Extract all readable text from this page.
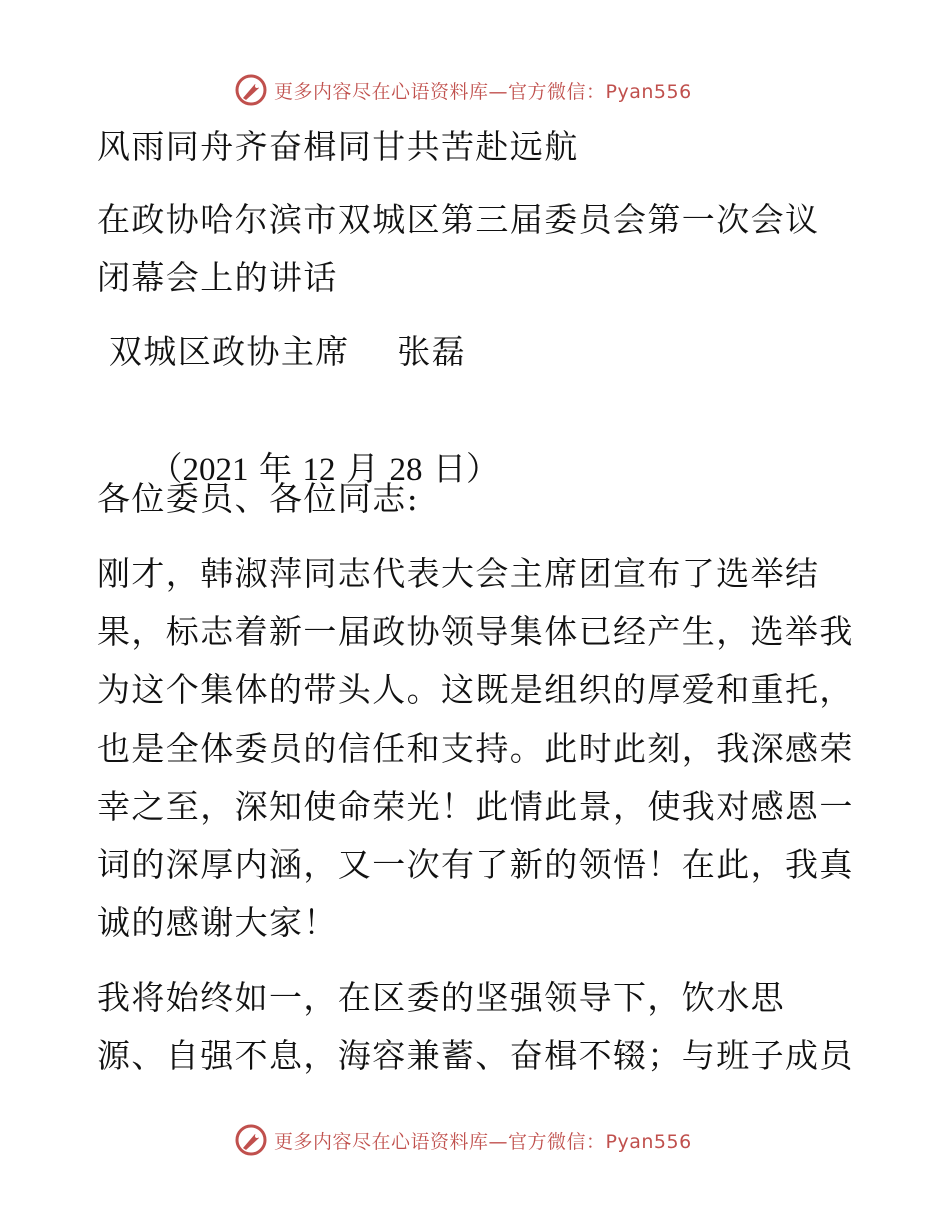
更多内容尽在心语资料库—官方微信：Pyan556
风雨同舟齐奋楫同甘共苦赴远航
在政协哈尔滨市双城区第三届委员会第一次会议
闭幕会上的讲话
双城区政协主席    张磊

（2021 年 12 月 28 日）

各位委员、各位同志:
刚才，韩淑萍同志代表大会主席团宣布了选举结
果，标志着新一届政协领导集体已经产生，选举我
为这个集体的带头人。这既是组织的厚爱和重托，
也是全体委员的信任和支持。此时此刻，我深感荣
幸之至，深知使命荣光！此情此景，使我对感恩一
词的深厚内涵，又一次有了新的领悟！在此，我真
诚的感谢大家！
我将始终如一，在区委的坚强领导下，饮水思
源、自强不息，海容兼蓄、奋楫不辍；与班子成员
更多内容尽在心语资料库—官方微信：Pyan556
